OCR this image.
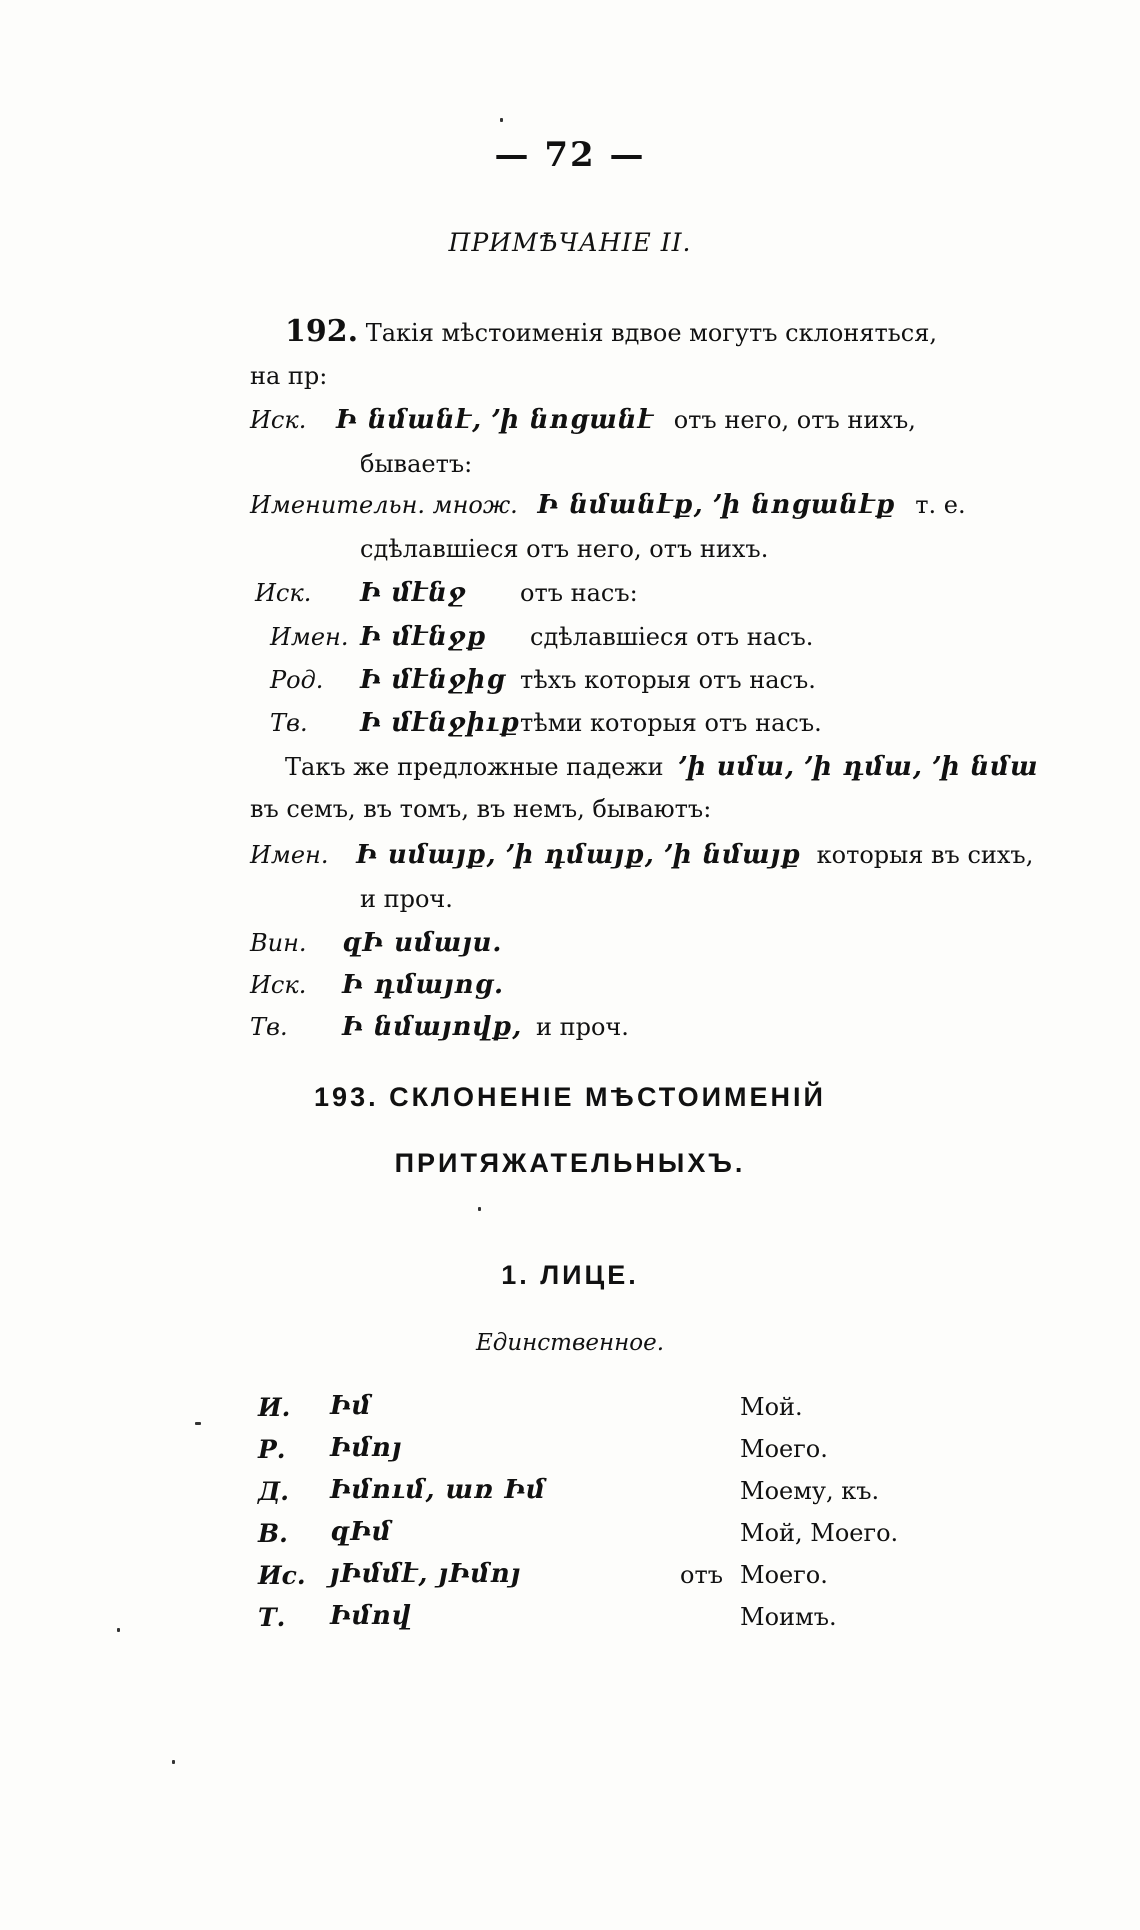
— 72 —
ПРИМѢЧАНІЕ II.
192. Такія мѣстоименія вдвое могутъ склоняться,
на пр:
Иск. Ի նմանէ, ՚ի նոցանէ отъ него, отъ нихъ,
бываетъ:
Именительн. множ. Ի նմանէք, ՚ի նոցանէք т. е.
сдѣлавшiеся отъ него, отъ нихъ.
Иск. Ի մէնջ отъ насъ:
Имен. Ի մէնջք сдѣлавшiеся отъ насъ.
Род. Ի մէնջից тѣхъ которыя отъ насъ.
Тв. Ի մէնջիւքтѣми которыя отъ насъ.
Такъ же предложные падежи ՚ի սմա, ՚ի դմա, ՚ի նմա
въ семъ, въ томъ, въ немъ, бываютъ:
Имен. Ի սմայք, ՚ի դմայք, ՚ի նմայք которыя въ сихъ,
и проч.
Вин. զԻ սմայս.
Иск. Ի դմայոց.
Тв. Ի նմայովք, и проч.
193. СКЛОНЕНІЕ МѢСТОИМЕНІЙ
ПРИТЯЖАТЕЛЬНЫХЪ.
1. ЛИЦЕ.
Единственное.
И. Իմ	Мой.
Р. Իմոյ	Моего.
Д. Իմում, առ Իմ	Моему, къ.
В. զԻմ	Мой, Моего.
Ис. յԻմմէ, յԻմոյ	отъ Моего.
Т. Իմով	Моимъ.
